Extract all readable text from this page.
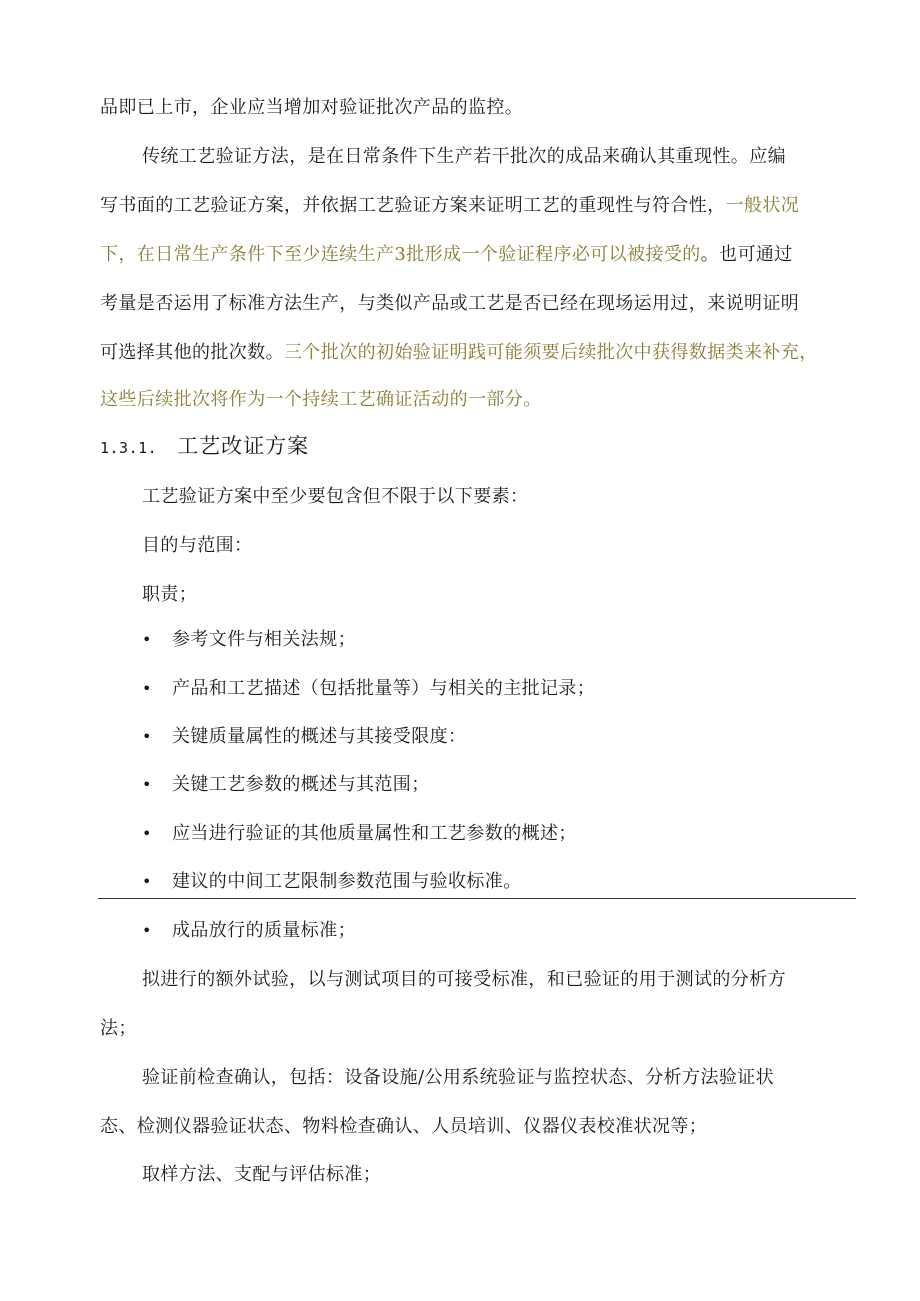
品即已上市，企业应当增加对验证批次产品的监控。
传统工艺验证方法，是在日常条件下生产若干批次的成品来确认其重现性。应编
写书面的工艺验证方案，并依据工艺验证方案来证明工艺的重现性与符合性，一般状况
下，在日常生产条件下至少连续生产3批形成一个验证程序必可以被接受的。也可通过
考量是否运用了标准方法生产，与类似产品或工艺是否已经在现场运用过，来说明证明
可选择其他的批次数。三个批次的初始验证明践可能须要后续批次中获得数据类来补充，
这些后续批次将作为一个持续工艺确证活动的一部分。
1.3.1. 工艺改证方案
工艺验证方案中至少要包含但不限于以下要素：
目的与范围：
职责；
• 参考文件与相关法规；
• 产品和工艺描述（包括批量等）与相关的主批记录；
• 关键质量属性的概述与其接受限度：
• 关键工艺参数的概述与其范围；
• 应当进行验证的其他质量属性和工艺参数的概述；
• 建议的中间工艺限制参数范围与验收标准。
• 成品放行的质量标准；
拟进行的额外试验，以与测试项目的可接受标准，和已验证的用于测试的分析方
法；
验证前检查确认，包括：设备设施/公用系统验证与监控状态、分析方法验证状
态、检测仪器验证状态、物料检查确认、人员培训、仪器仪表校准状况等；
取样方法、支配与评估标准；
